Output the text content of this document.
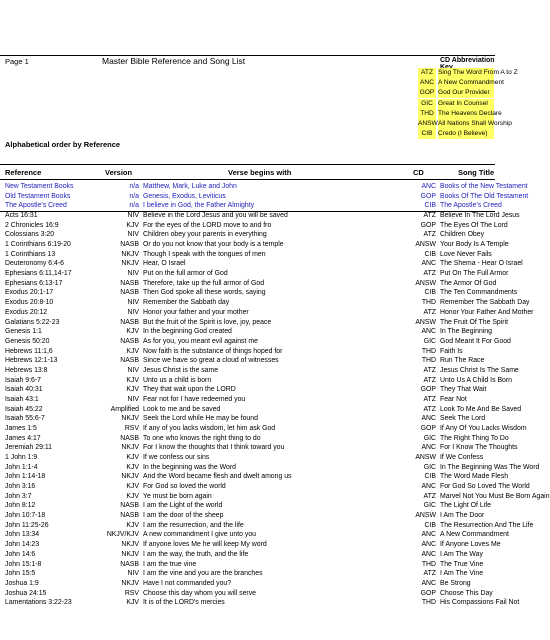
Page 1	Master Bible Reference and Song List
Alphabetical order by Reference
CD Abbreviation
ATZ Sing The Word From A to Z
ANC A New Commandment
GOP God Our Provider
GIC Great In Counsel
THD The Heavens Declare
ANSW All Nations Shall Worship
CIB Credo (I Believe)
Reference	Version	Verse begins with	CD	Song Title
New Testament Books	n/a Matthew, Mark, Luke and John	ANC Books of the New Testament
Old Testament Books	n/a Genesis, Exodus, Leviticus	GOP Books Of The Old Testament
The Apostle's Creed	n/a I believe in God, the Father Almighty	CIB The Apostle's Creed
Acts 16:31	NIV Believe in the Lord Jesus and you will be saved	ATZ Believe In The Lord Jesus
2 Chronicles 16:9	KJV For the eyes of the LORD move to and fro	GOP The Eyes Of The Lord
Colossians 3:20	NIV Children obey your parents in everything	ATZ Children Obey
1 Corinthians 6:19-20	NASB Or do you not know that your body is a temple	ANSW Your Body Is A Temple
1 Corinthians 13	NKJV Though I speak with the tongues of men	CIB Love Never Fails
Deuteronomy 6:4-6	NKJV Hear, O Israel	ANC The Shema - Hear O Israel
Ephesians 6:11,14-17	NIV Put on the full armor of God	ATZ Put On The Full Armor
Ephesians 6:13-17	NASB Therefore, take up the full armor of God	ANSW The Armor Of God
Exodus 20:1-17	NASB Then God spoke all these words, saying	CIB The Ten Commandments
Exodus 20:8-10	NIV Remember the Sabbath day	THD Remember The Sabbath Day
Exodus 20:12	NIV Honor your father and your mother	ATZ Honor Your Father And Mother
Galatians 5:22-23	NASB But the fruit of the Spirit is love, joy, peace	ANSW The Fruit Of The Spirit
Genesis 1:1	KJV In the beginning God created	ANC In The Beginning
Genesis 50:20	NASB As for you, you meant evil against me	GIC God Meant It For Good
Hebrews 11:1,6	KJV Now faith is the substance of things hoped for	THD Faith Is
Hebrews 12:1-13	NASB Since we have so great a cloud of witnesses	THD Run The Race
Hebrews 13:8	NIV Jesus Christ is the same	ATZ Jesus Christ Is The Same
Isaiah 9:6-7	KJV Unto us a child is born	ATZ Unto Us A Child Is Born
Isaiah 40:31	KJV They that wait upon the LORD	GOP They That Wait
Isaiah 43:1	NIV Fear not for I have redeemed you	ATZ Fear Not
Isaiah 45:22	Amplified Look to me and be saved	ATZ Look To Me And Be Saved
Isaiah 55:6-7	NKJV Seek the Lord while He may be found	ANC Seek The Lord
James 1:5	RSV If any of you lacks wisdom, let him ask God	GOP If Any Of You Lacks Wisdom
James 4:17	NASB To one who knows the right thing to do	GIC The Right Thing To Do
Jeremiah 29:11	NKJV For I know the thoughts that I think toward you	ANC For I Know The Thoughts
1 John 1:9	KJV If we confess our sins	ANSW If We Confess
John 1:1-4	KJV In the beginning was the Word	GIC In The Beginning Was The Word
John 1:14-18	NKJV And the Word became flesh and dwelt among us	CIB The Word Made Flesh
John 3:16	KJV For God so loved the world	ANC For God So Loved The World
John 3:7	KJV Ye must be born again	ATZ Marvel Not You Must Be Born Again
John 8:12	NASB I am the Light of the world	GIC The Light Of Life
John 10:7-18	NASB I am the door of the sheep	ANSW I Am The Door
John 11:25-26	KJV I am the resurrection, and the life	CIB The Resurrection And The Life
John 13:34	NKJV/KJV A new commandment I give unto you	ANC A New Commandment
John 14:23	NKJV If anyone loves Me he will keep My word	ANC If Anyone Loves Me
John 14:6	NKJV I am the way, the truth, and the life	ANC I Am The Way
John 15:1-8	NASB I am the true vine	THD The True Vine
John 15:5	NIV I am the vine and you are the branches	ATZ I Am The Vine
Joshua 1:9	NKJV Have I not commanded you?	ANC Be Strong
Joshua 24:15	RSV Choose this day whom you will serve	GOP Choose This Day
Lamentations 3:22-23	KJV It is of the LORD's mercies	THD His Compassions Fail Not
